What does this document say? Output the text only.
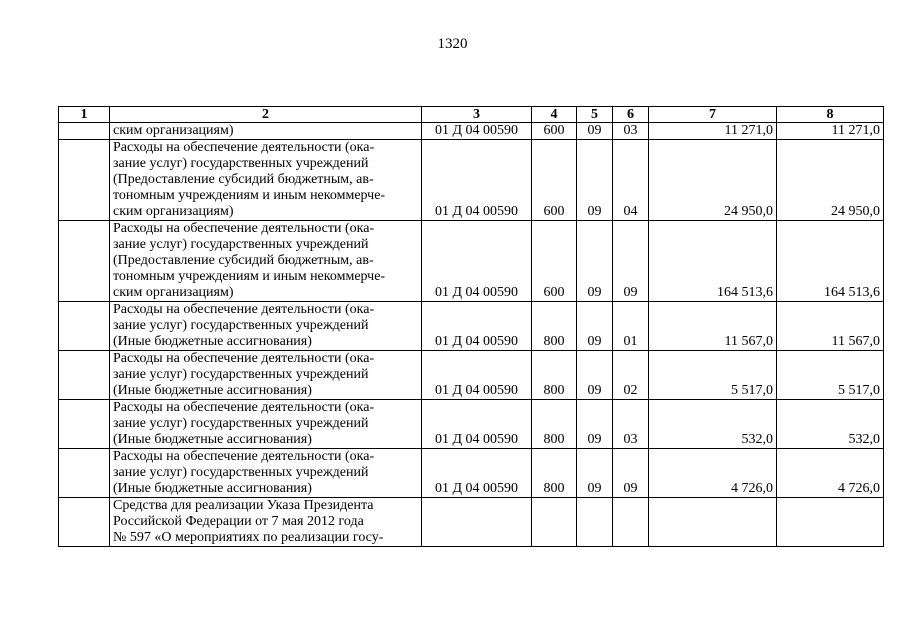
1320
1	2	3	4	5	6	7	8
	ским организациям)	01 Д 04 00590	600	09	03	11 271,0	11 271,0
	Расходы на обеспечение деятельности (ока-
зание услуг) государственных учреждений
(Предоставление субсидий бюджетным, ав-
тономным учреждениям и иным некоммерче-
ским организациям)	01 Д 04 00590	600	09	04	24 950,0	24 950,0
	Расходы на обеспечение деятельности (ока-
зание услуг) государственных учреждений
(Предоставление субсидий бюджетным, ав-
тономным учреждениям и иным некоммерче-
ским организациям)	01 Д 04 00590	600	09	09	164 513,6	164 513,6
	Расходы на обеспечение деятельности (ока-
зание услуг) государственных учреждений
(Иные бюджетные ассигнования)	01 Д 04 00590	800	09	01	11 567,0	11 567,0
	Расходы на обеспечение деятельности (ока-
зание услуг) государственных учреждений
(Иные бюджетные ассигнования)	01 Д 04 00590	800	09	02	5 517,0	5 517,0
	Расходы на обеспечение деятельности (ока-
зание услуг) государственных учреждений
(Иные бюджетные ассигнования)	01 Д 04 00590	800	09	03	532,0	532,0
	Расходы на обеспечение деятельности (ока-
зание услуг) государственных учреждений
(Иные бюджетные ассигнования)	01 Д 04 00590	800	09	09	4 726,0	4 726,0
	Средства для реализации Указа Президента
Российской Федерации от 7 мая 2012 года
№ 597 «О мероприятиях по реализации госу-						
